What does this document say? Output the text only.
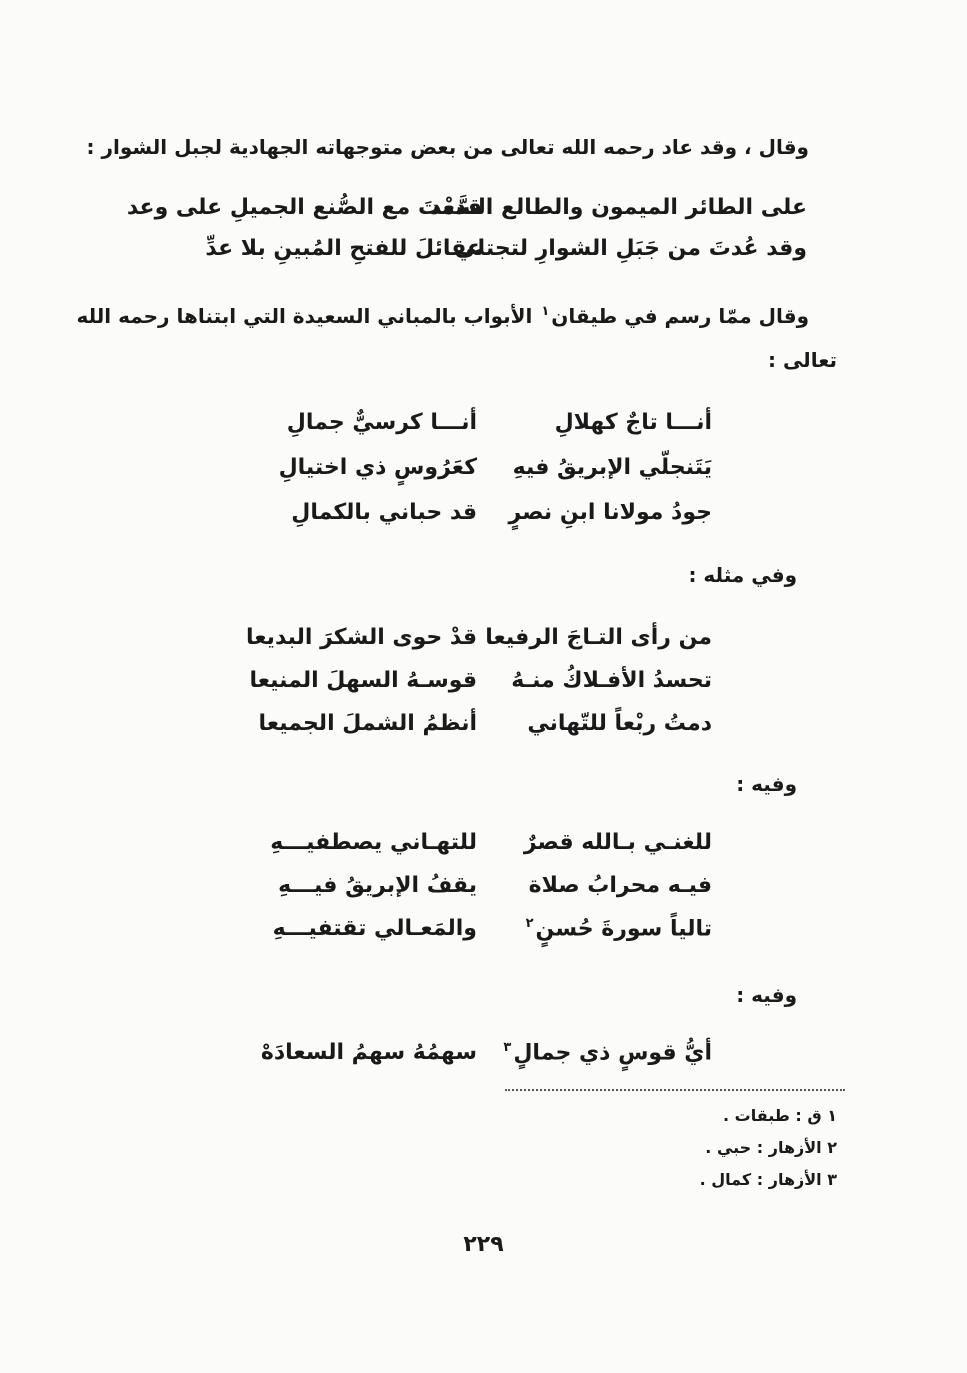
وقال ، وقد عاد رحمه الله تعالى من بعض متوجهاته الجهادية لجبل الشوار :
على الطائر الميمون والطالع السَّعْد
قدمتَ مع الصُّنع الجميلِ على وعد
وقد عُدتَ من جَبَلِ الشوارِ لتجتلي
عقائلَ للفتحِ المُبينِ بلا عدِّ
وقال ممّا رسم في طيقان$^١$ الأبواب بالمباني السعيدة التي ابتناها رحمه الله
تعالى :
أنـــا تاجٌ كهلالِ
أنـــا كرسيٌّ جمالِ
يَتَنجلّي الإبريقُ فيهِ
كعَرُوسٍ ذي اختيالِ
جودُ مولانا ابنِ نصرٍ
قد حباني بالكمالِ
وفي مثله :
من رأى التـاجَ الرفيعا
قدْ حوى الشكرَ البديعا
تحسدُ الأفـلاكُ منـهُ
قوسـهُ السهلَ المنيعا
دمتُ ربْعاً للتّهاني
أنظمُ الشملَ الجميعا
وفيه :
للغنـي بـالله قصرٌ
للتهـاني يصطفيـــهِ
فيـه محرابُ صلاة
يقفُ الإبريقُ فيـــهِ
تالياً سورةَ حُسنٍ$^٢$
والمَعـالي تقتفيـــهِ
وفيه :
أيُّ قوسٍ ذي جمالٍ$^٣$
سهمُهُ سهمُ السعادَهْ
١ ق : طبقات .
٢ الأزهار : حبي .
٣ الأزهار : كمال .
٢٢٩
